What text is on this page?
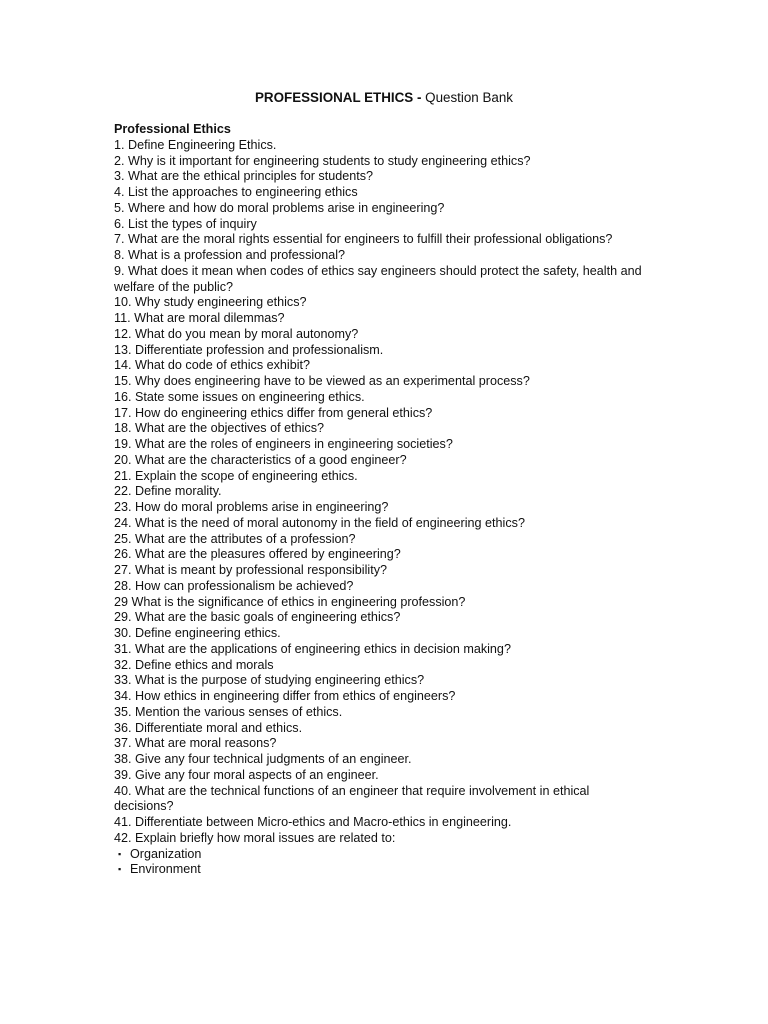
PROFESSIONAL ETHICS - Question Bank
Professional Ethics

1. Define Engineering Ethics.

2. Why is it important for engineering students to study engineering ethics?

3. What are the ethical principles for students?

4. List the approaches to engineering ethics

5. Where and how do moral problems arise in engineering?

6. List the types of inquiry

7. What are the moral rights essential for engineers to fulfill their professional obligations?

8. What is a profession and professional?

9. What does it mean when codes of ethics say engineers should protect the safety, health and welfare of the public?

10. Why study engineering ethics?

11. What are moral dilemmas?

12. What do you mean by moral autonomy?

13. Differentiate profession and professionalism.

14. What do code of ethics exhibit?

15. Why does engineering have to be viewed as an experimental process?

16. State some issues on engineering ethics.

17. How do engineering ethics differ from general ethics?

18. What are the objectives of ethics?

19. What are the roles of engineers in engineering societies?

20. What are the characteristics of a good engineer?

21. Explain the scope of engineering ethics.

22. Define morality.

23. How do moral problems arise in engineering?

24. What is the need of moral autonomy in the field of engineering ethics?

25. What are the attributes of a profession?

26. What are the pleasures offered by engineering?

27. What is meant by professional responsibility?

28. How can professionalism be achieved?

29 What is the significance of ethics in engineering profession?

29. What are the basic goals of engineering ethics?

30. Define engineering ethics.

31. What are the applications of engineering ethics in decision making?

32. Define ethics and morals

33. What is the purpose of studying engineering ethics?

34. How ethics in engineering differ from ethics of engineers?

35. Mention the various senses of ethics.

36. Differentiate moral and ethics.

37. What are moral reasons?

38. Give any four technical judgments of an engineer.

39. Give any four moral aspects of an engineer.

40. What are the technical functions of an engineer that require involvement in ethical decisions?

41. Differentiate between Micro-ethics and Macro-ethics in engineering.

42. Explain briefly how moral issues are related to:

▪ Organization
▪ Environment
